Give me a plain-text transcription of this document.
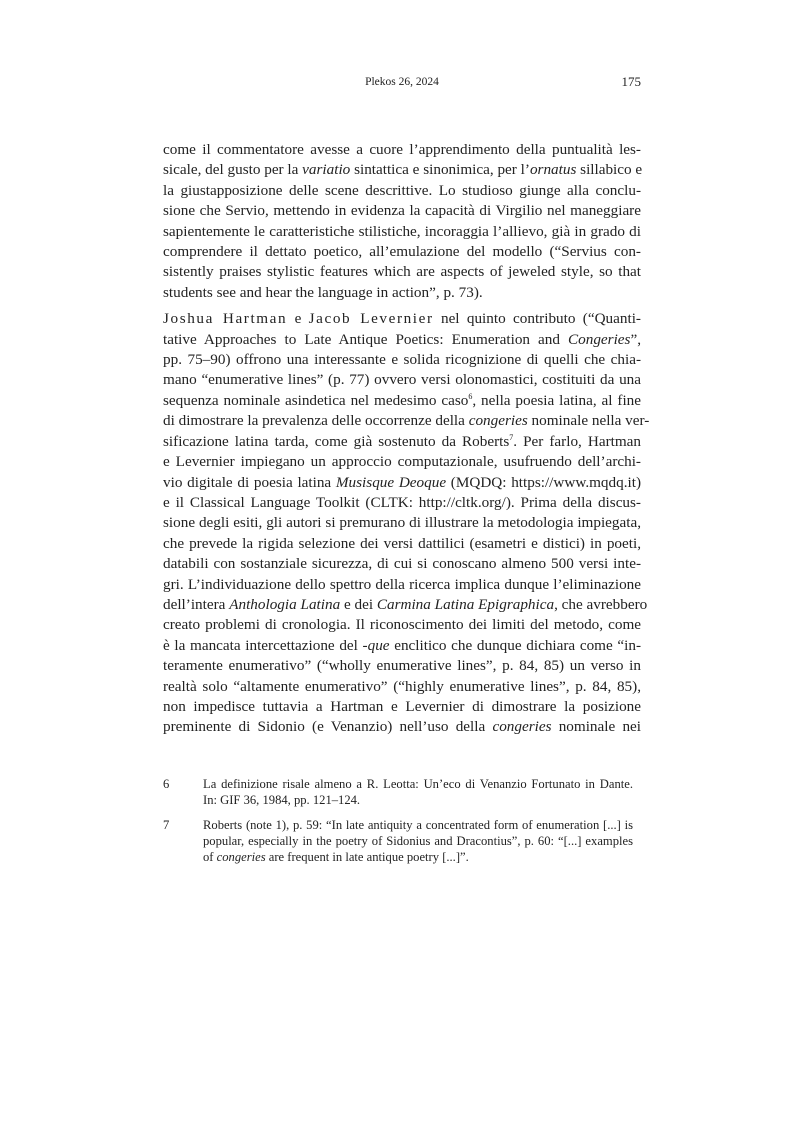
Plekos 26, 2024	175

come il commentatore avesse a cuore l’apprendimento della puntualità les-
sicale, del gusto per la variatio sintattica e sinonimica, per l’ornatus sillabico e
la giustapposizione delle scene descrittive. Lo studioso giunge alla conclu-
sione che Servio, mettendo in evidenza la capacità di Virgilio nel maneggiare
sapientemente le caratteristiche stilistiche, incoraggia l’allievo, già in grado di
comprendere il dettato poetico, all’emulazione del modello (“Servius con-
sistently praises stylistic features which are aspects of jeweled style, so that
students see and hear the language in action”, p. 73).

Joshua Hartman e Jacob Levernier nel quinto contributo (“Quanti-
tative Approaches to Late Antique Poetics: Enumeration and Congeries”,
pp. 75–90) offrono una interessante e solida ricognizione di quelli che chia-
mano “enumerative lines” (p. 77) ovvero versi olonomastici, costituiti da una
sequenza nominale asindetica nel medesimo caso$^6$, nella poesia latina, al fine
di dimostrare la prevalenza delle occorrenze della congeries nominale nella ver-
sificazione latina tarda, come già sostenuto da Roberts$^7$. Per farlo, Hartman
e Levernier impiegano un approccio computazionale, usufruendo dell’archi-
vio digitale di poesia latina Musisque Deoque (MQDQ: https://www.mqdq.it)
e il Classical Language Toolkit (CLTK: http://cltk.org/). Prima della discus-
sione degli esiti, gli autori si premurano di illustrare la metodologia impiegata,
che prevede la rigida selezione dei versi dattilici (esametri e distici) in poeti,
databili con sostanziale sicurezza, di cui si conoscano almeno 500 versi inte-
gri. L’individuazione dello spettro della ricerca implica dunque l’eliminazione
dell’intera Anthologia Latina e dei Carmina Latina Epigraphica, che avrebbero
creato problemi di cronologia. Il riconoscimento dei limiti del metodo, come
è la mancata intercettazione del -que enclitico che dunque dichiara come “in-
teramente enumerativo” (“wholly enumerative lines”, p. 84, 85) un verso in
realtà solo “altamente enumerativo” (“highly enumerative lines”, p. 84, 85),
non impedisce tuttavia a Hartman e Levernier di dimostrare la posizione
preminente di Sidonio (e Venanzio) nell’uso della congeries nominale nei

6	La definizione risale almeno a R. Leotta: Un’eco di Venanzio Fortunato in Dante.
In: GIF 36, 1984, pp. 121–124.
7	Roberts (note 1), p. 59: “In late antiquity a concentrated form of enumeration [...] is
popular, especially in the poetry of Sidonius and Dracontius”, p. 60: “[...] examples
of congeries are frequent in late antique poetry [...]”.
